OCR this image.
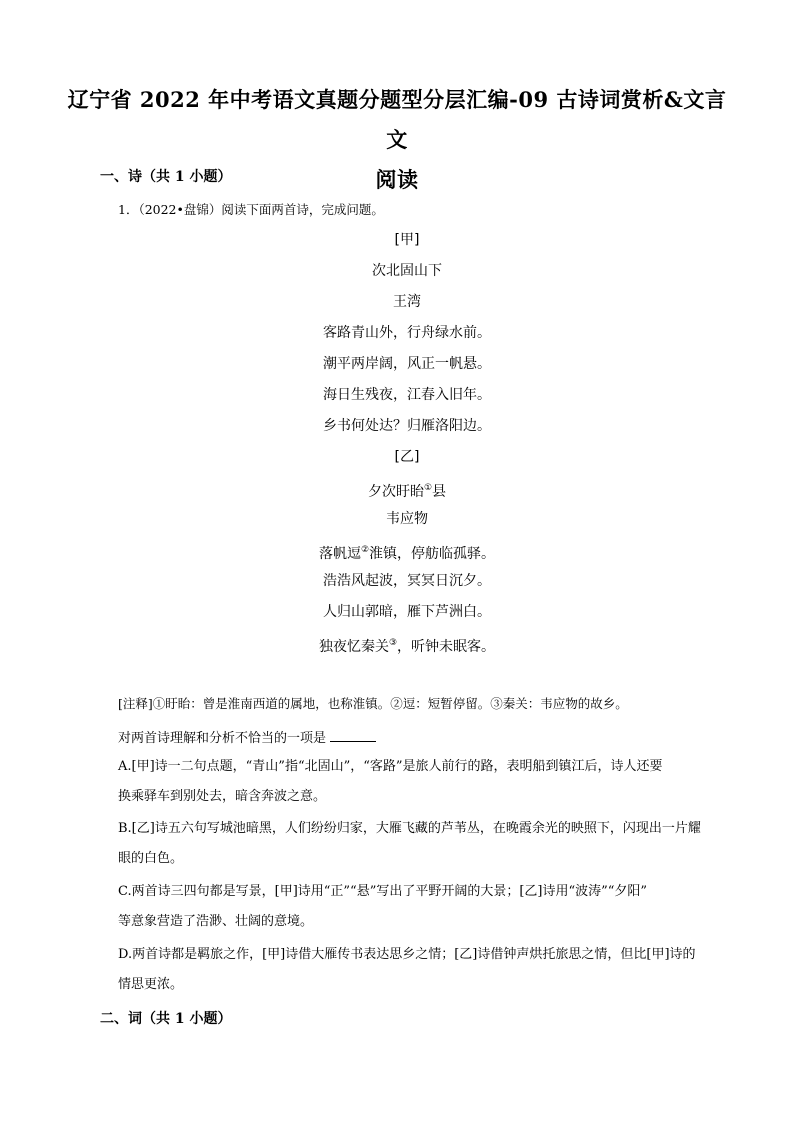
辽宁省 2022 年中考语文真题分题型分层汇编-09 古诗词赏析&文言文
阅读
一、诗（共 1 小题）
1．（2022•盘锦）阅读下面两首诗，完成问题。
[甲]
次北固山下
王湾
客路青山外，行舟绿水前。
潮平两岸阔，风正一帆悬。
海日生残夜，江春入旧年。
乡书何处达？归雁洛阳边。
[乙]
夕次盱眙①县
韦应物
落帆逗②淮镇，停舫临孤驿。
浩浩风起波，冥冥日沉夕。
人归山郭暗，雁下芦洲白。
独夜忆秦关③，听钟未眠客。
[注释]①盱眙：曾是淮南西道的属地，也称淮镇。②逗：短暂停留。③秦关：韦应物的故乡。
对两首诗理解和分析不恰当的一项是
A.[甲]诗一二句点题，“青山”指“北固山”，“客路”是旅人前行的路，表明船到镇江后，诗人还要
换乘驿车到别处去，暗含奔波之意。
B.[乙]诗五六句写城池暗黑，人们纷纷归家，大雁飞藏的芦苇丛，在晚霞余光的映照下，闪现出一片耀
眼的白色。
C.两首诗三四句都是写景，[甲]诗用“正”“悬”写出了平野开阔的大景；[乙]诗用“波涛”“夕阳”
等意象营造了浩渺、壮阔的意境。
D.两首诗都是羁旅之作，[甲]诗借大雁传书表达思乡之情；[乙]诗借钟声烘托旅思之情，但比[甲]诗的
情思更浓。
二、词（共 1 小题）
